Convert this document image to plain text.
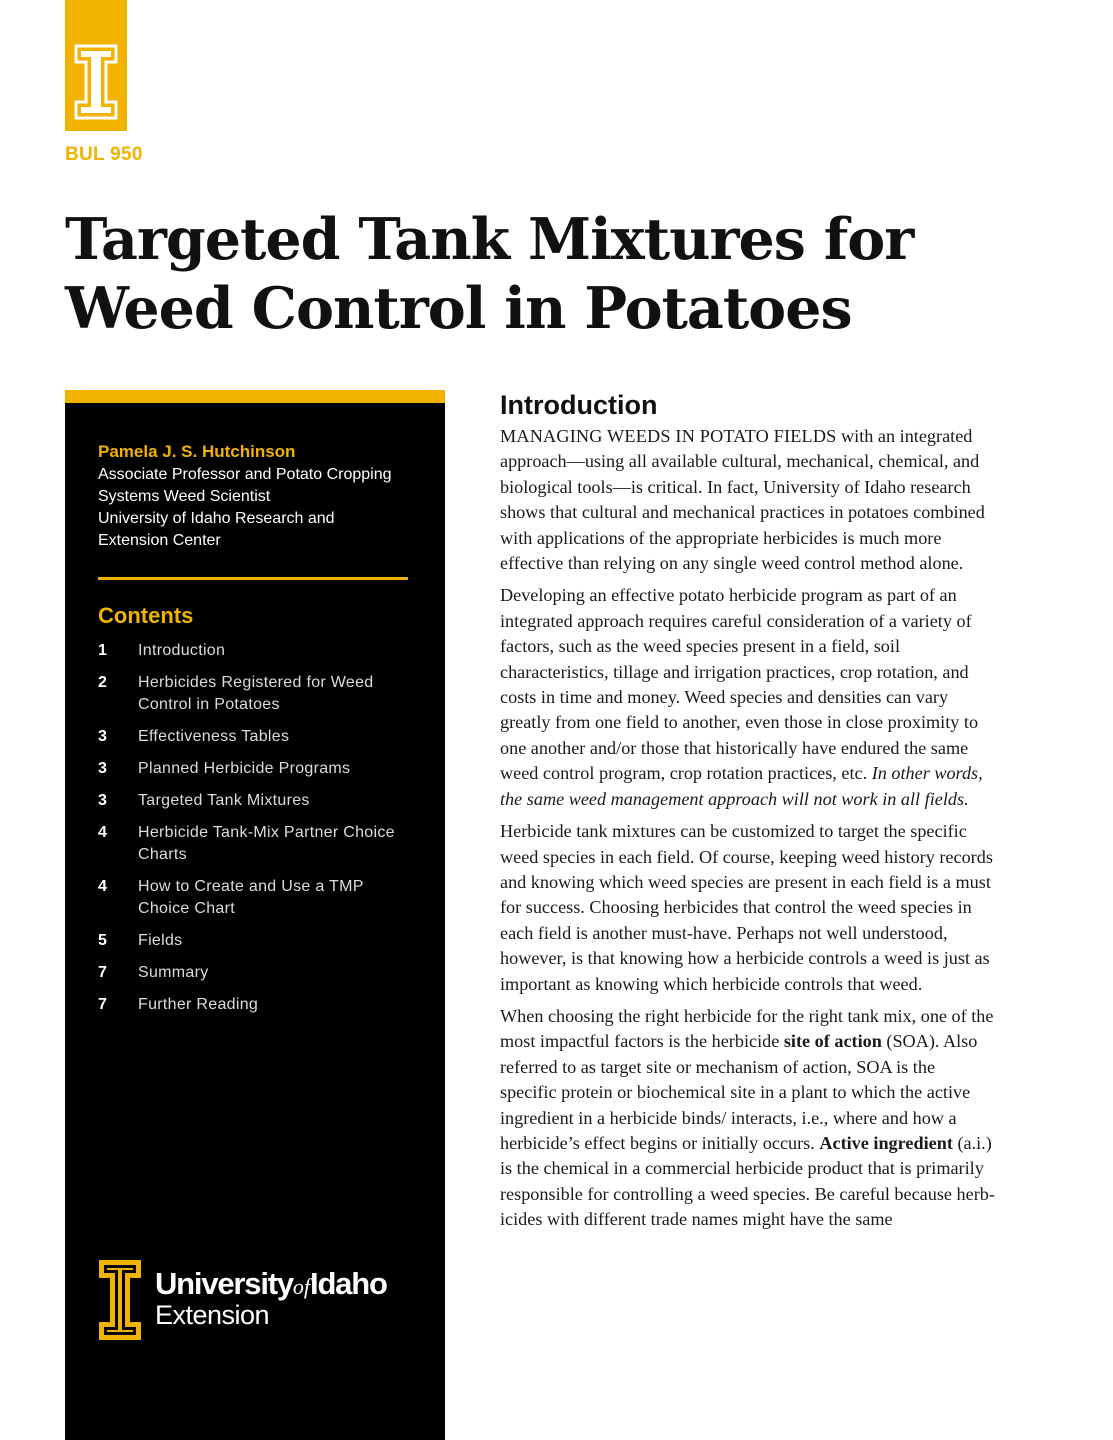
BUL 950
Targeted Tank Mixtures for
Weed Control in Potatoes
Pamela J. S. Hutchinson
Associate Professor and Potato Cropping
Systems Weed Scientist
University of Idaho Research and
Extension Center
Contents
1	Introduction
2	Herbicides Registered for Weed Control in Potatoes
3	Effectiveness Tables
3	Planned Herbicide Programs
3	Targeted Tank Mixtures
4	Herbicide Tank-Mix Partner Choice Charts
4	How to Create and Use a TMP Choice Chart
5	Fields
7	Summary
7	Further Reading
UniversityofIdaho
Extension
Introduction

MANAGING WEEDS IN POTATO FIELDS with an integrated approach—using all available cultural, mechanical, chemical, and biological tools—is critical. In fact, University of Idaho research shows that cultural and mechanical practices in potatoes combined with applications of the appropriate herbicides is much more effective than relying on any single weed control method alone.

Developing an effective potato herbicide program as part of an integrated approach requires careful consideration of a variety of factors, such as the weed species present in a field, soil characteristics, tillage and irrigation practices, crop rotation, and costs in time and money. Weed species and densities can vary greatly from one field to another, even those in close proximity to one another and/or those that historically have endured the same weed control program, crop rotation practices, etc. In other words, the same weed management approach will not work in all fields.

Herbicide tank mixtures can be customized to target the specific weed species in each field. Of course, keeping weed history records and knowing which weed species are present in each field is a must for success. Choosing herbicides that control the weed species in each field is another must-have. Perhaps not well understood, however, is that knowing how a herbicide controls a weed is just as important as knowing which herbicide controls that weed.

When choosing the right herbicide for the right tank mix, one of the most impactful factors is the herbicide site of action (SOA). Also referred to as target site or mechanism of action, SOA is the specific protein or biochemical site in a plant to which the active ingredient in a herbicide binds/ interacts, i.e., where and how a herbicide’s effect begins or initially occurs. Active ingredient (a.i.) is the chemical in a commercial herbicide product that is primarily responsible for controlling a weed species. Be careful because herbicides with different trade names might have the same
